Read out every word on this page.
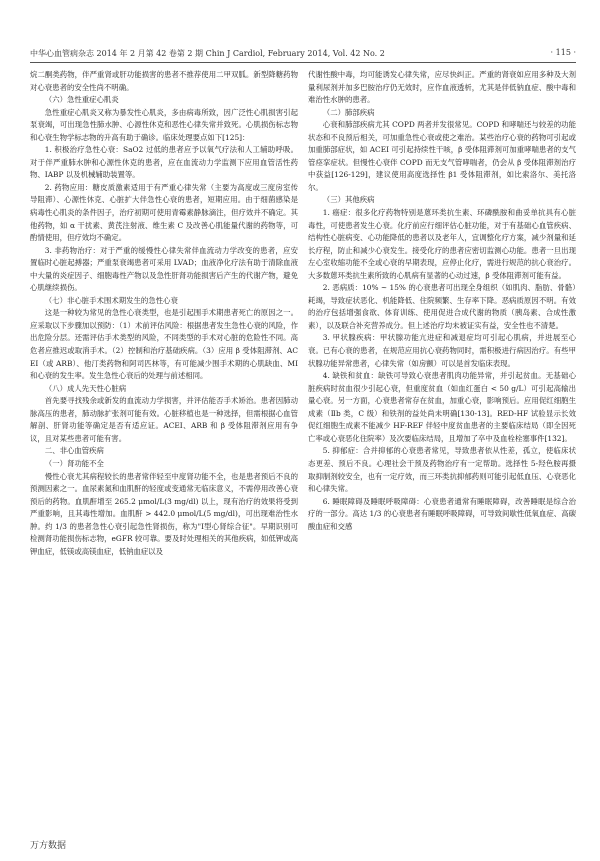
中华心血管病杂志 2014 年 2 月第 42 卷第 2 期 Chin J Cardiol, February 2014, Vol. 42 No. 2	· 115 ·

烷二酮类药物，伴严重肾或肝功能损害的患者不推荐使用二甲双胍。新型降糖药物对心衰患者的安全性尚不明确。

（六）急性重症心肌炎

急性重症心肌炎又称为暴发性心肌炎，多由病毒所致，因广泛性心肌损害引起泵衰竭，可出现急性肺水肿、心源性休克和恶性心律失常并致死。心肌损伤标志物和心衰生物学标志物的升高有助于确诊。临床处理要点如下[125]：

1. 积极治疗急性心衰：SaO2 过低的患者应予以氧气疗法和人工辅助呼吸。对于伴严重肺水肿和心源性休克的患者，应在血流动力学监测下应用血管活性药物、IABP 以及机械辅助装置等。

2. 药物应用：糖皮质激素适用于有严重心律失常（主要为高度或三度房室传导阻滞）、心源性休克、心脏扩大伴急性心衰的患者，短期应用。由于细菌感染是病毒性心肌炎的条件因子，治疗初期可使用青霉素静脉滴注，但疗效并不确定。其他药物，如 α 干扰素、黄芪注射液、维生素 C 及改善心肌能量代谢的药物等，可酌情使用，但疗效均不确定。

3. 非药物治疗：对于严重的缓慢性心律失常伴血流动力学改变的患者，应安置临时心脏起搏器；严重泵衰竭患者可采用 LVAD；血液净化疗法有助于清除血液中大量的炎症因子、细胞毒性产物以及急性肝肾功能损害后产生的代谢产物，避免心肌继续损伤。

（七）非心脏手术围术期发生的急性心衰

这是一种较为常见的急性心衰类型，也是引起围手术期患者死亡的原因之一。应采取以下步骤加以预防：（1）术前评估风险：根据患者发生急性心衰的风险，作出危险分层。还需评估手术类型的风险，不同类型的手术对心脏的危险性不同。高危者应推迟或取消手术。（2）控制和治疗基础疾病。（3）应用 β 受体阻滞剂、ACEI（或 ARB）、他汀类药物和阿司匹林等，有可能减少围手术期的心肌缺血、MI 和心衰的发生率。发生急性心衰后的处理与前述相同。

（八）成人先天性心脏病

首先要寻找残余或新发的血流动力学损害，并评估能否手术矫治。患者因肺动脉高压的患者，肺动脉扩张剂可能有效。心脏移植也是一种选择，但需根据心血管解剖、肝肾功能等确定是否有适应证。ACEI、ARB 和 β 受体阻滞剂应用有争议，且对某些患者可能有害。

二、非心血管疾病

（一）肾功能不全

慢性心衰尤其病程较长的患者常伴轻至中度肾功能不全，也是患者预后不良的预测因素之一。血尿素氮和血肌酐的轻度或变通常无临床意义，不需停用改善心衰预后的药物。血肌酐增至 265.2 μmol/L(3 mg/dl) 以上，现有治疗的效果将受到严重影响，且其毒性增加。血肌酐 > 442.0 μmol/L(5 mg/dl)，可出现难治性水肿。约 1/3 的患者急性心衰引起急性肾损伤，称为"Ⅰ型心肾综合征"。早期识别可检测肾功能损伤标志物，eGFR 较可靠。要及时处理相关的其他疾病，如低钾或高钾血症，低镁或高镁血症，低钠血症以及

代谢性酸中毒，均可能诱发心律失常，应尽快纠正。严重的肾衰如应用多种及大剂量利尿剂并加多巴胺治疗仍无效时，应作血液透析，尤其是伴低钠血症、酸中毒和难治性水肿的患者。

（二）肺部疾病

心衰和肺部疾病尤其 COPD 两者并发很常见。COPD 和哮喘还与较差的功能状态和不良预后相关，可加重急性心衰或使之难治。某些治疗心衰的药物可引起或加重肺部症状，如 ACEI 可引起持续性干咳，β 受体阻滞剂可加重哮喘患者的支气管痉挛症状。但慢性心衰伴 COPD 而无支气管哮喘者，仍会从 β 受体阻滞剂治疗中获益[126-129]，建议使用高度选择性 β1 受体阻滞剂，如比索洛尔、美托洛尔。

（三）其他疾病

1. 癌症：很多化疗药物特别是蒽环类抗生素、环磷酰胺和曲妥单抗具有心脏毒性，可使患者发生心衰。化疗前应行细评估心脏功能，对于有基础心血管疾病、结构性心脏病变、心功能降低的患者以及老年人，宜调整化疗方案，减少剂量和延长疗程，防止和减少心衰发生。接受化疗的患者应密切监测心功能。患者一旦出现左心室收缩功能不全或心衰的早期表现，应停止化疗，需进行规范的抗心衰治疗。大多数蒽环类抗生素所致的心肌病有显著的心动过速，β 受体阻滞剂可能有益。

2. 恶病质：10% ~ 15% 的心衰患者可出现全身组织（如肌肉、脂肪、骨骼）耗竭，导致症状恶化、机能降低、住院频繁、生存率下降。恶病质原因不明。有效的治疗包括增强食欲、体育训练、使用促进合成代谢的物质（胰岛素、合成性激素），以及联合补充营养成分。但上述治疗均未被证实有益，安全性也不清楚。

3. 甲状腺疾病：甲状腺功能亢进症和减退症均可引起心肌病，并进展至心衰。已有心衰的患者，在规范应用抗心衰药物同时，需积极进行病因治疗。有些甲状腺功能异常患者，心律失常（如房颤）可以是首发临床表现。

4. 缺铁和贫血：缺铁可导致心衰患者肌肉功能异常，并引起贫血。无基础心脏疾病时贫血很少引起心衰，但重度贫血（如血红蛋白 < 50 g/L）可引起高输出量心衰。另一方面，心衰患者常存在贫血，加重心衰，影响预后。应用促红细胞生成素（Ⅱb 类，C 级）和铁剂的益处尚未明确[130-13]。RED-HF 试验显示长效促红细胞生成素不能减少 HF-REF 伴轻中度贫血患者的主要临床结局（即全因死亡率或心衰恶化住院率）及次要临床结局，且增加了卒中及血栓栓塞事件[132]。

5. 抑郁症：合并抑郁的心衰患者常见，导致患者依从性差，孤立，使临床状态更差、预后不良。心理社会干预及药物治疗有一定帮助。选择性 5-羟色胺再摄取抑制剂较安全，也有一定疗效，而三环类抗抑郁药则可能引起低血压、心衰恶化和心律失常。

6. 睡眠障碍及睡眠呼吸障碍：心衰患者通常有睡眠障碍，改善睡眠是综合治疗的一部分。高达 1/3 的心衰患者有睡眠呼吸障碍，可导致间歇性低氧血症、高碳酸血症和交感

万方数据
